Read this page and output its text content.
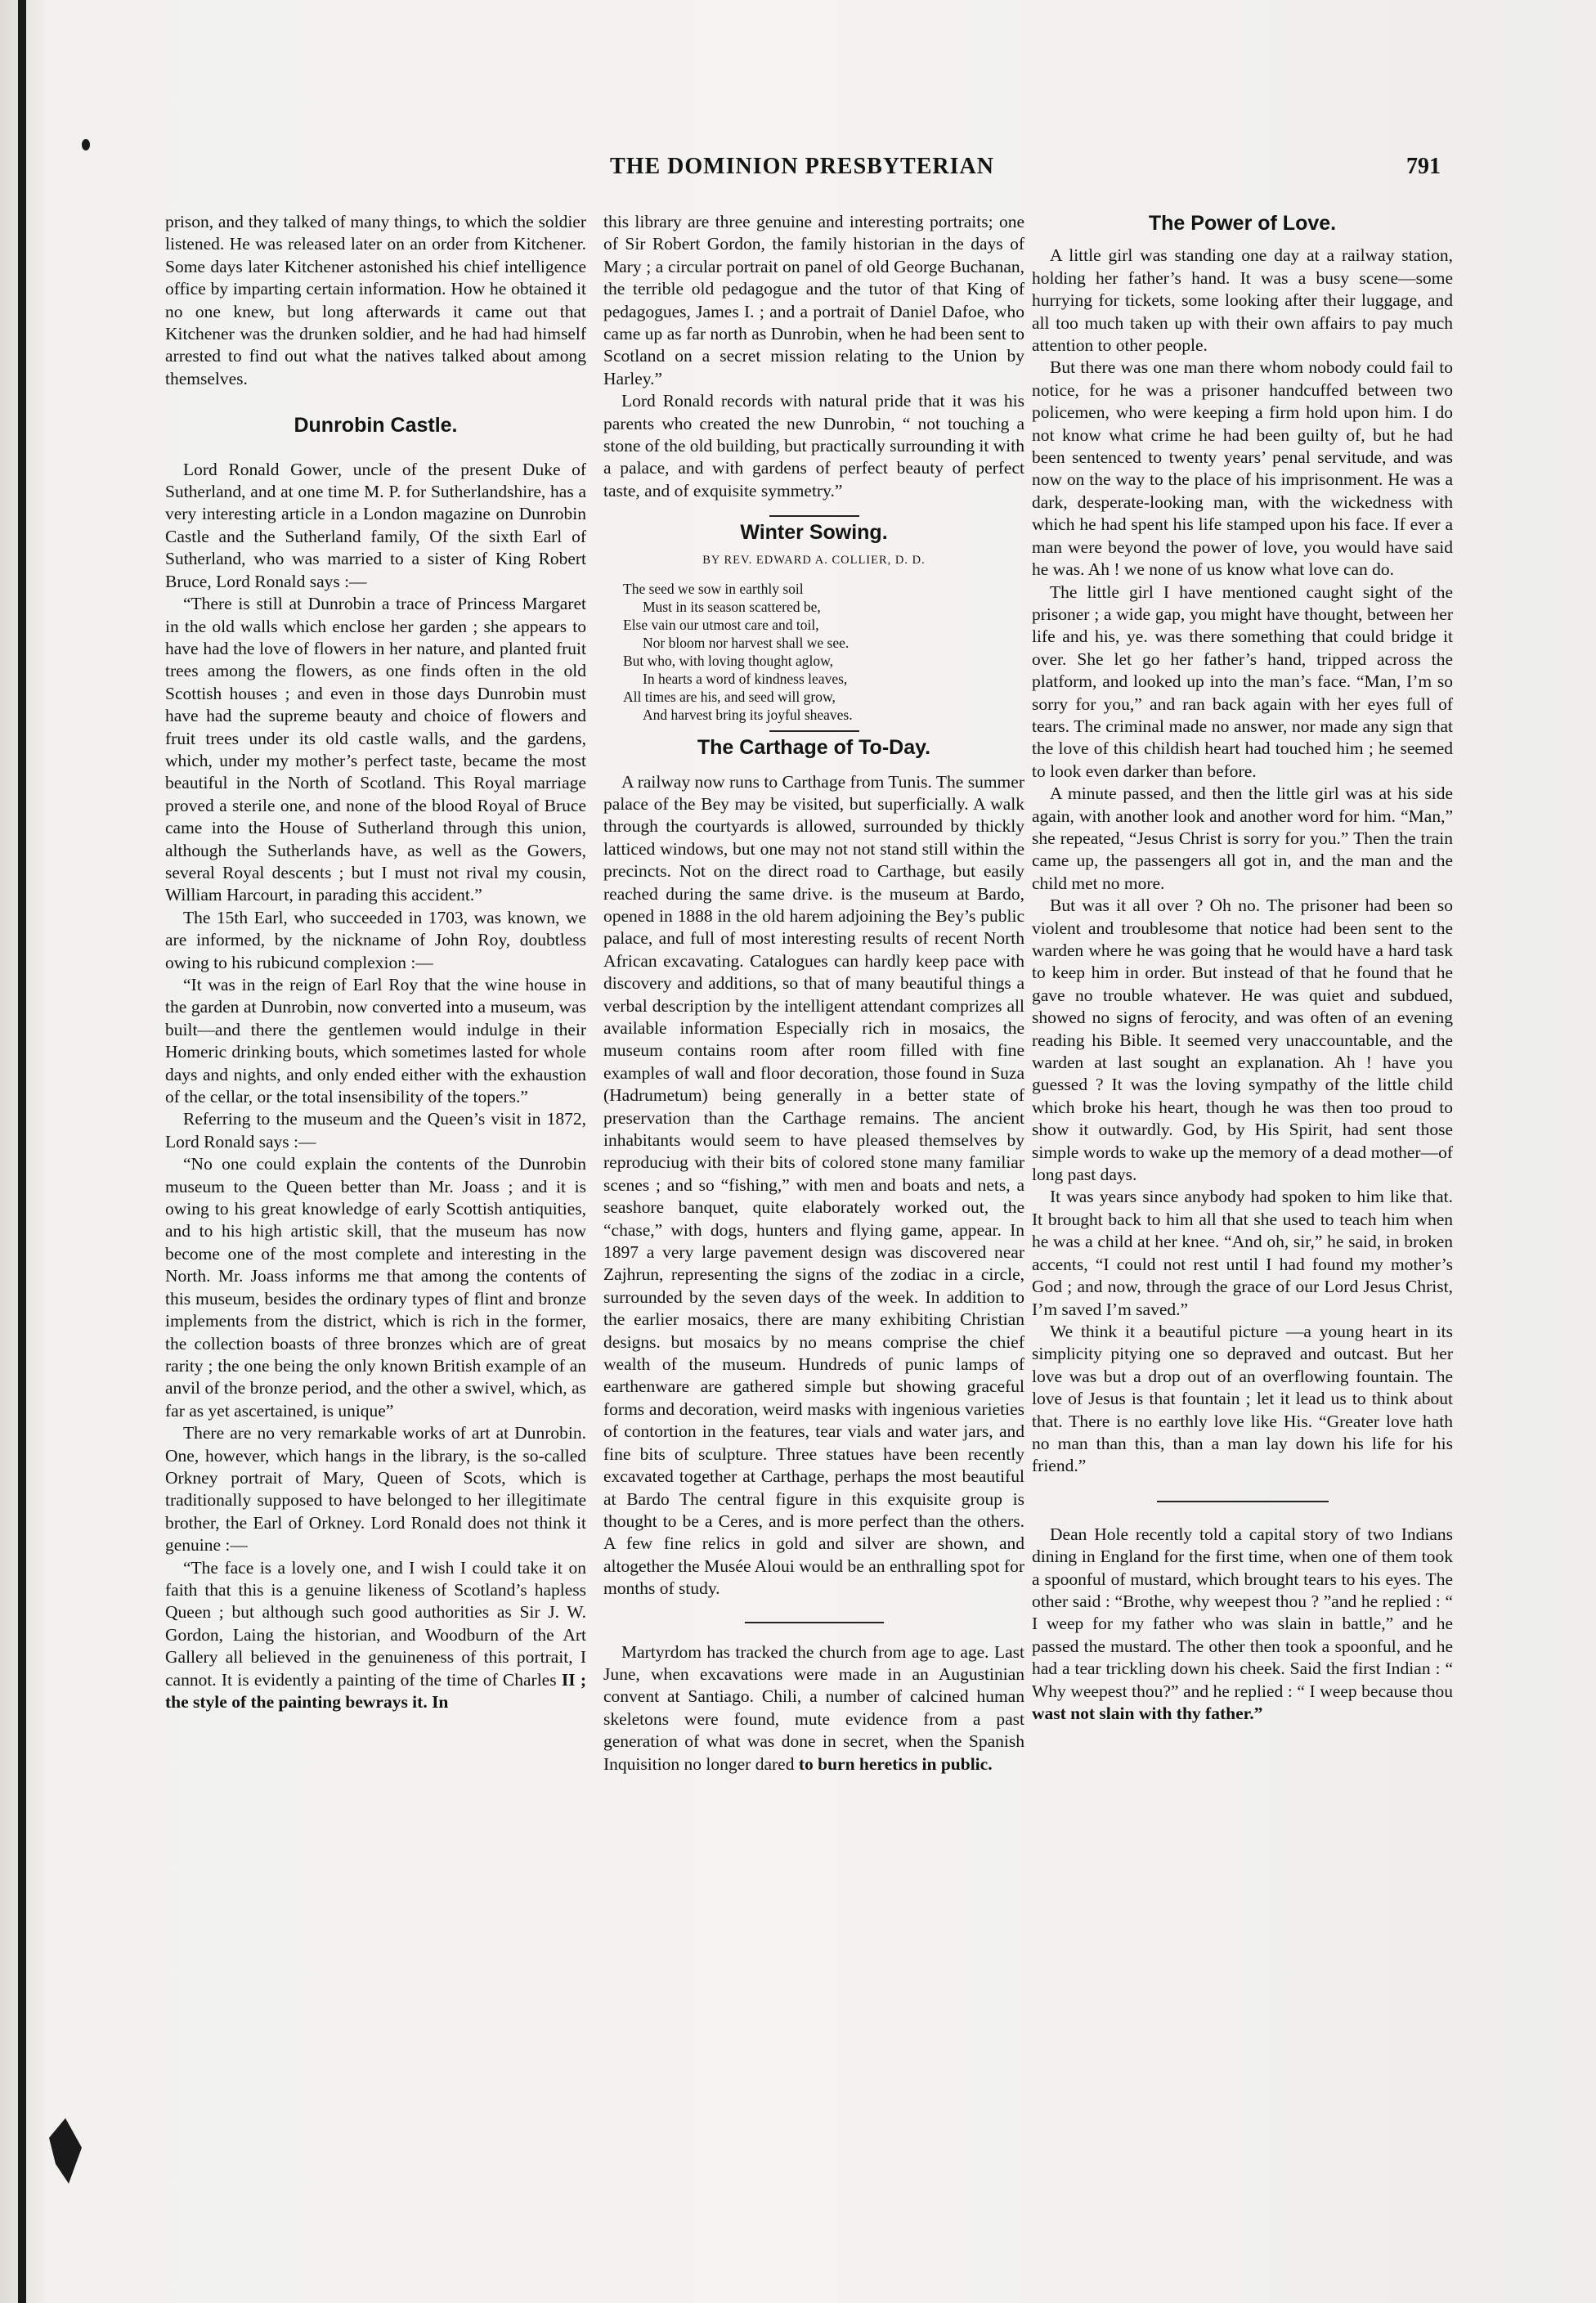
THE DOMINION PRESBYTERIAN	791

prison, and they talked of many things, to which the soldier listened. He was released later on an order from Kitchener. Some days later Kitchener astonished his chief intelligence office by imparting certain information. How he obtained it no one knew, but long afterwards it came out that Kitchener was the drunken soldier, and he had had himself arrested to find out what the natives talked about among themselves.

Dunrobin Castle.

Lord Ronald Gower, uncle of the present Duke of Sutherland, and at one time M. P. for Sutherlandshire, has a very interesting article in a London magazine on Dunrobin Castle and the Sutherland family, Of the sixth Earl of Sutherland, who was married to a sister of King Robert Bruce, Lord Ronald says :—

“There is still at Dunrobin a trace of Princess Margaret in the old walls which enclose her garden ; she appears to have had the love of flowers in her nature, and planted fruit trees among the flowers, as one finds often in the old Scottish houses ; and even in those days Dunrobin must have had the supreme beauty and choice of flowers and fruit trees under its old castle walls, and the gardens, which, under my mother’s perfect taste, became the most beautiful in the North of Scotland. This Royal marriage proved a sterile one, and none of the blood Royal of Bruce came into the House of Sutherland through this union, although the Sutherlands have, as well as the Gowers, several Royal descents ; but I must not rival my cousin, William Harcourt, in parading this accident.”

The 15th Earl, who succeeded in 1703, was known, we are informed, by the nickname of John Roy, doubtless owing to his rubicund complexion :—

“It was in the reign of Earl Roy that the wine house in the garden at Dunrobin, now converted into a museum, was built—and there the gentlemen would indulge in their Homeric drinking bouts, which sometimes lasted for whole days and nights, and only ended either with the exhaustion of the cellar, or the total insensibility of the topers.”

Referring to the museum and the Queen’s visit in 1872, Lord Ronald says :—

“No one could explain the contents of the Dunrobin museum to the Queen better than Mr. Joass ; and it is owing to his great knowledge of early Scottish antiquities, and to his high artistic skill, that the museum has now become one of the most complete and interesting in the North. Mr. Joass informs me that among the contents of this museum, besides the ordinary types of flint and bronze implements from the district, which is rich in the former, the collection boasts of three bronzes which are of great rarity ; the one being the only known British example of an anvil of the bronze period, and the other a swivel, which, as far as yet ascertained, is unique”

There are no very remarkable works of art at Dunrobin. One, however, which hangs in the library, is the so-called Orkney portrait of Mary, Queen of Scots, which is traditionally supposed to have belonged to her illegitimate brother, the Earl of Orkney. Lord Ronald does not think it genuine :—

“The face is a lovely one, and I wish I could take it on faith that this is a genuine likeness of Scotland’s hapless Queen ; but although such good authorities as Sir J. W. Gordon, Laing the historian, and Woodburn of the Art Gallery all believed in the genuineness of this portrait, I cannot. It is evidently a painting of the time of Charles II ; the style of the painting bewrays it. In

this library are three genuine and interesting portraits; one of Sir Robert Gordon, the family historian in the days of Mary ; a circular portrait on panel of old George Buchanan, the terrible old pedagogue and the tutor of that King of pedagogues, James I. ; and a portrait of Daniel Dafoe, who came up as far north as Dunrobin, when he had been sent to Scotland on a secret mission relating to the Union by Harley.”

Lord Ronald records with natural pride that it was his parents who created the new Dunrobin, “ not touching a stone of the old building, but practically surrounding it with a palace, and with gardens of perfect beauty of perfect taste, and of exquisite symmetry.”

Winter Sowing.
BY REV. EDWARD A. COLLIER, D. D.
The seed we sow in earthly soil
Must in its season scattered be,
Else vain our utmost care and toil,
Nor bloom nor harvest shall we see.
But who, with loving thought aglow,
In hearts a word of kindness leaves,
All times are his, and seed will grow,
And harvest bring its joyful sheaves.
The Carthage of To-Day.

A railway now runs to Carthage from Tunis. The summer palace of the Bey may be visited, but superficially. A walk through the courtyards is allowed, surrounded by thickly latticed windows, but one may not not stand still within the precincts. Not on the direct road to Carthage, but easily reached during the same drive. is the museum at Bardo, opened in 1888 in the old harem adjoining the Bey’s public palace, and full of most interesting results of recent North African excavating. Catalogues can hardly keep pace with discovery and additions, so that of many beautiful things a verbal description by the intelligent attendant comprizes all available information Especially rich in mosaics, the museum contains room after room filled with fine examples of wall and floor decoration, those found in Suza (Hadrumetum) being generally in a better state of preservation than the Carthage remains. The ancient inhabitants would seem to have pleased themselves by reproduciug with their bits of colored stone many familiar scenes ; and so “fishing,” with men and boats and nets, a seashore banquet, quite elaborately worked out, the “chase,” with dogs, hunters and flying game, appear. In 1897 a very large pavement design was discovered near Zajhrun, representing the signs of the zodiac in a circle, surrounded by the seven days of the week. In addition to the earlier mosaics, there are many exhibiting Christian designs. but mosaics by no means comprise the chief wealth of the museum. Hundreds of punic lamps of earthenware are gathered simple but showing graceful forms and decoration, weird masks with ingenious varieties of contortion in the features, tear vials and water jars, and fine bits of sculpture. Three statues have been recently excavated together at Carthage, perhaps the most beautiful at Bardo The central figure in this exquisite group is thought to be a Ceres, and is more perfect than the others. A few fine relics in gold and silver are shown, and altogether the Musée Aloui would be an enthralling spot for months of study.

Martyrdom has tracked the church from age to age. Last June, when excavations were made in an Augustinian convent at Santiago. Chili, a number of calcined human skeletons were found, mute evidence from a past generation of what was done in secret, when the Spanish Inquisition no longer dared to burn heretics in public.

The Power of Love.

A little girl was standing one day at a railway station, holding her father’s hand. It was a busy scene—some hurrying for tickets, some looking after their luggage, and all too much taken up with their own affairs to pay much attention to other people.

But there was one man there whom nobody could fail to notice, for he was a prisoner handcuffed between two policemen, who were keeping a firm hold upon him. I do not know what crime he had been guilty of, but he had been sentenced to twenty years’ penal servitude, and was now on the way to the place of his imprisonment. He was a dark, desperate-looking man, with the wickedness with which he had spent his life stamped upon his face. If ever a man were beyond the power of love, you would have said he was. Ah ! we none of us know what love can do.

The little girl I have mentioned caught sight of the prisoner ; a wide gap, you might have thought, between her life and his, ye. was there something that could bridge it over. She let go her father’s hand, tripped across the platform, and looked up into the man’s face. “Man, I’m so sorry for you,” and ran back again with her eyes full of tears. The criminal made no answer, nor made any sign that the love of this childish heart had touched him ; he seemed to look even darker than before.

A minute passed, and then the little girl was at his side again, with another look and another word for him. “Man,” she repeated, “Jesus Christ is sorry for you.” Then the train came up, the passengers all got in, and the man and the child met no more.

But was it all over ? Oh no. The prisoner had been so violent and troublesome that notice had been sent to the warden where he was going that he would have a hard task to keep him in order. But instead of that he found that he gave no trouble whatever. He was quiet and subdued, showed no signs of ferocity, and was often of an evening reading his Bible. It seemed very unaccountable, and the warden at last sought an explanation. Ah ! have you guessed ? It was the loving sympathy of the little child which broke his heart, though he was then too proud to show it outwardly. God, by His Spirit, had sent those simple words to wake up the memory of a dead mother—of long past days.

It was years since anybody had spoken to him like that. It brought back to him all that she used to teach him when he was a child at her knee. “And oh, sir,” he said, in broken accents, “I could not rest until I had found my mother’s God ; and now, through the grace of our Lord Jesus Christ, I’m saved I’m saved.”

We think it a beautiful picture —a young heart in its simplicity pitying one so depraved and outcast. But her love was but a drop out of an overflowing fountain. The love of Jesus is that fountain ; let it lead us to think about that. There is no earthly love like His. “Greater love hath no man than this, than a man lay down his life for his friend.”

Dean Hole recently told a capital story of two Indians dining in England for the first time, when one of them took a spoonful of mustard, which brought tears to his eyes. The other said : “Brothe, why weepest thou ? ”and he replied : “ I weep for my father who was slain in battle,” and he passed the mustard. The other then took a spoonful, and he had a tear trickling down his cheek. Said the first Indian : “ Why weepest thou?” and he replied : “ I weep because thou wast not slain with thy father.”
